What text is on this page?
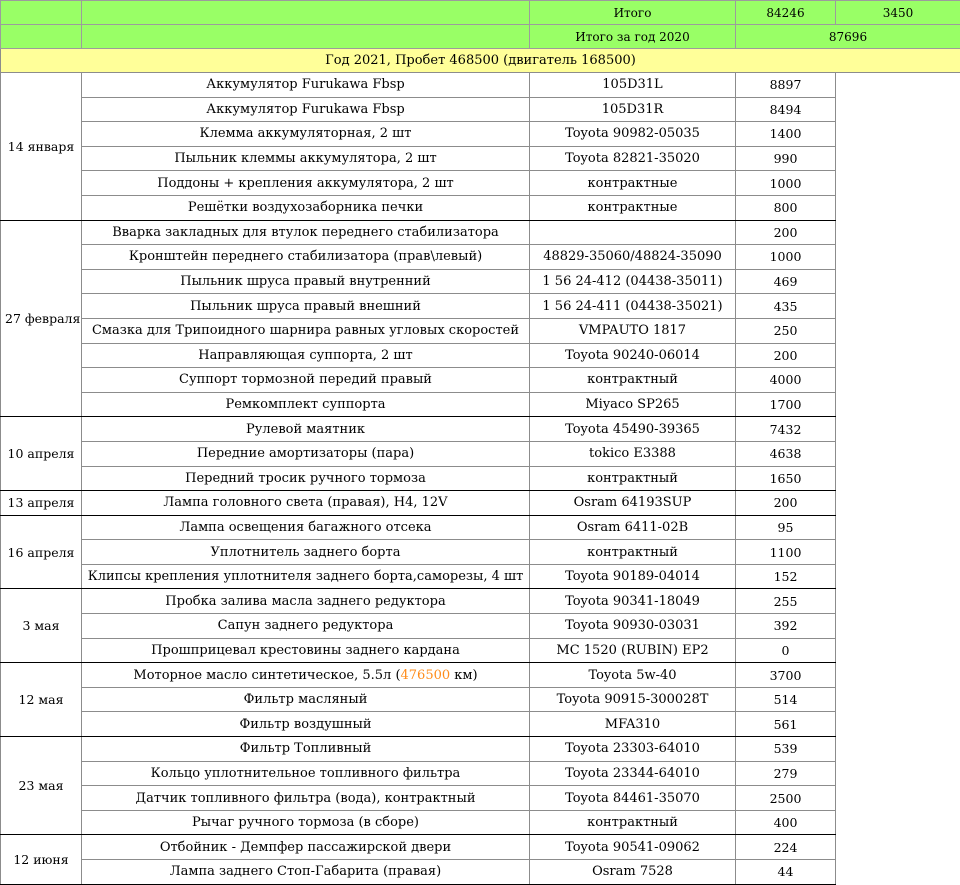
		Итого	84246	3450
		Итого за год 2020	87696	
Год 2021, Пробет 468500 (двигатель 168500)				
14 января	Аккумулятор Furukawa Fbsp	105D31L	8897	
	Аккумулятор Furukawa Fbsp	105D31R	8494	
	Клемма аккумуляторная, 2 шт	Toyota 90982-05035	1400	
	Пыльник клеммы аккумулятора, 2 шт	Toyota 82821-35020	990	
	Поддоны + крепления аккумулятора, 2 шт	контрактные	1000	
	Решётки воздухозаборника печки	контрактные	800	
27 февраля	Вварка закладных для втулок переднего стабилизатора		200	
	Кронштейн переднего стабилизатора (прав\левый)	48829-35060/48824-35090	1000	
	Пыльник шруса правый внутренний	1 56 24-412 (04438-35011)	469	
	Пыльник шруса правый внешний	1 56 24-411 (04438-35021)	435	
	Смазка для Трипоидного шарнира равных угловых скоростей	VMPAUTO 1817	250	
	Направляющая суппорта, 2 шт	Toyota 90240-06014	200	
	Суппорт тормозной передий правый	контрактный	4000	
	Ремкомплект суппорта	Miyaco SP265	1700	
10 апреля	Рулевой маятник	Toyota 45490-39365	7432	
	Передние амортизаторы (пара)	tokico E3388	4638	
	Передний тросик ручного тормоза	контрактный	1650	
13 апреля	Лампа головного света (правая), H4, 12V	Osram 64193SUP	200	
16 апреля	Лампа освещения багажного отсека	Osram 6411-02B	95	
	Уплотнитель заднего борта	контрактный	1100	
	Клипсы крепления уплотнителя заднего борта,саморезы, 4 шт	Toyota 90189-04014	152	
3 мая	Пробка залива масла заднего редуктора	Toyota 90341-18049	255	
	Сапун заднего редуктора	Toyota 90930-03031	392	
	Прошприцевал крестовины заднего кардана	MC 1520 (RUBIN) EP2	0	
12 мая	Моторное масло синтетическое, 5.5л (476500 км)	Toyota 5w-40	3700	
	Фильтр масляный	Toyota 90915-300028T	514	
	Фильтр воздушный	MFA310	561	
23 мая	Фильтр Топливный	Toyota 23303-64010	539	
	Кольцо уплотнительное топливного фильтра	Toyota 23344-64010	279	
	Датчик топливного фильтра (вода), контрактный	Toyota 84461-35070	2500	
	Рычаг ручного тормоза (в сборе)	контрактный	400	
12 июня	Отбойник - Демпфер пассажирской двери	Toyota 90541-09062	224	
	Лампа заднего Стоп-Габарита (правая)	Osram 7528	44	
